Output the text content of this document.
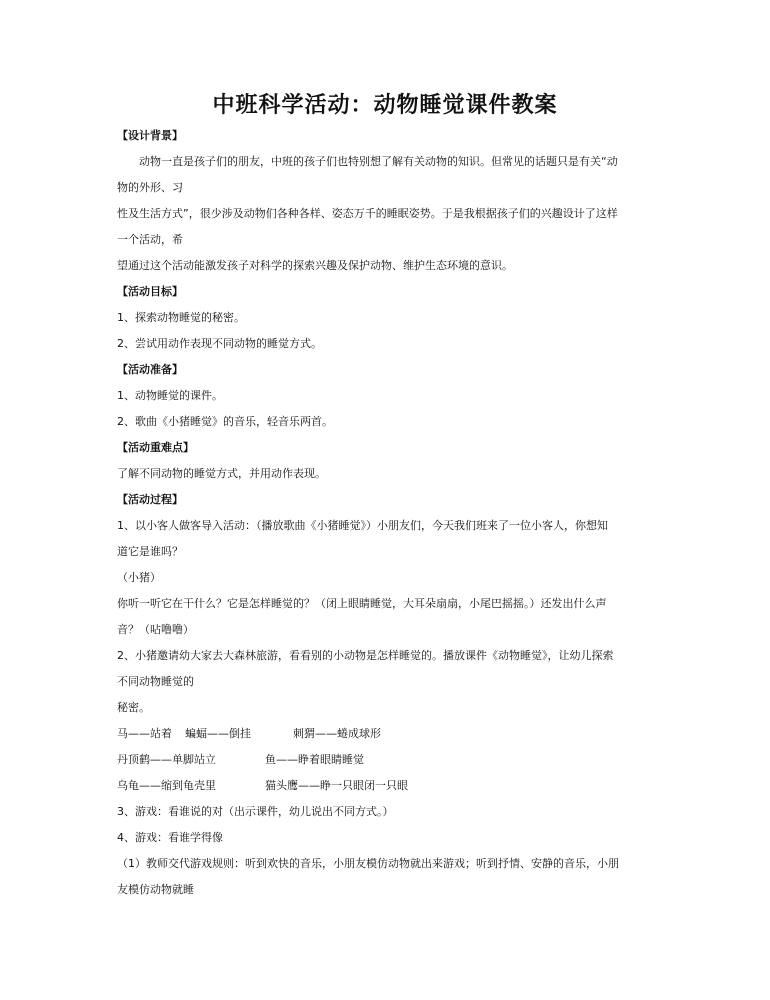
中班科学活动：动物睡觉课件教案

【设计背景】

　　动物一直是孩子们的朋友，中班的孩子们也特别想了解有关动物的知识。但常见的话题只是有关“动

物的外形、习

性及生活方式”，很少涉及动物们各种各样、姿态万千的睡眠姿势。于是我根据孩子们的兴趣设计了这样

一个活动，希

望通过这个活动能激发孩子对科学的探索兴趣及保护动物、维护生态环境的意识。

【活动目标】

1、探索动物睡觉的秘密。

2、尝试用动作表现不同动物的睡觉方式。

【活动准备】

1、动物睡觉的课件。

2、歌曲《小猪睡觉》的音乐，轻音乐两首。

【活动重难点】

了解不同动物的睡觉方式，并用动作表现。

【活动过程】

1、以小客人做客导入活动：（播放歌曲《小猪睡觉》）小朋友们，今天我们班来了一位小客人，你想知

道它是谁吗？

（小猪）

你听一听它在干什么？它是怎样睡觉的？（闭上眼睛睡觉，大耳朵扇扇，小尾巴摇摇。）还发出什么声

音？（呫噜噜）

2、小猪邀请幼大家去大森林旅游，看看别的小动物是怎样睡觉的。播放课件《动物睡觉》，让幼儿探索

不同动物睡觉的

秘密。

马——站着 蝙蝠——倒挂	刺猬——蜷成球形
丹顶鹤——单脚站立	鱼——睁着眼睛睡觉
乌龟——缩到龟壳里	猫头鹰——睁一只眼闭一只眼

3、游戏：看谁说的对（出示课件，幼儿说出不同方式。）

4、游戏：看谁学得像

（1）教师交代游戏规则：听到欢快的音乐，小朋友模仿动物就出来游戏；听到抒情、安静的音乐，小朋

友模仿动物就睡
